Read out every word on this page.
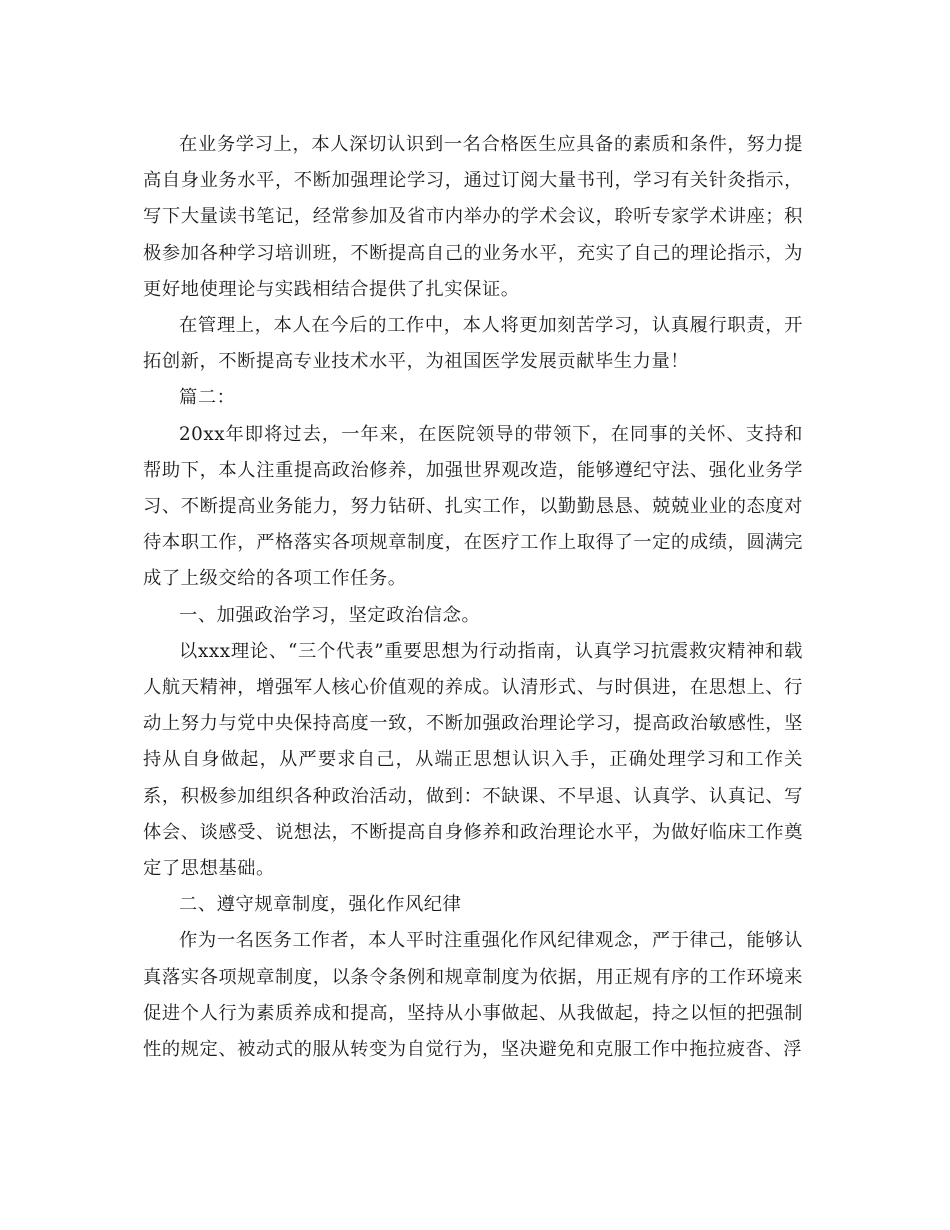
在业务学习上，本人深切认识到一名合格医生应具备的素质和条件，努力提高自身业务水平，不断加强理论学习，通过订阅大量书刊，学习有关针灸指示，写下大量读书笔记，经常参加及省市内举办的学术会议，聆听专家学术讲座；积极参加各种学习培训班，不断提高自己的业务水平，充实了自己的理论指示，为更好地使理论与实践相结合提供了扎实保证。

在管理上，本人在今后的工作中，本人将更加刻苦学习，认真履行职责，开拓创新，不断提高专业技术水平，为祖国医学发展贡献毕生力量！

篇二：

20xx年即将过去，一年来，在医院领导的带领下，在同事的关怀、支持和帮助下，本人注重提高政治修养，加强世界观改造，能够遵纪守法、强化业务学习、不断提高业务能力，努力钻研、扎实工作，以勤勤恳恳、兢兢业业的态度对待本职工作，严格落实各项规章制度，在医疗工作上取得了一定的成绩，圆满完成了上级交给的各项工作任务。

一、加强政治学习，坚定政治信念。

以xxx理论、“三个代表”重要思想为行动指南，认真学习抗震救灾精神和载人航天精神，增强军人核心价值观的养成。认清形式、与时俱进，在思想上、行动上努力与党中央保持高度一致，不断加强政治理论学习，提高政治敏感性，坚持从自身做起，从严要求自己，从端正思想认识入手，正确处理学习和工作关系，积极参加组织各种政治活动，做到：不缺课、不早退、认真学、认真记、写体会、谈感受、说想法，不断提高自身修养和政治理论水平，为做好临床工作奠定了思想基础。

二、遵守规章制度，强化作风纪律

作为一名医务工作者，本人平时注重强化作风纪律观念，严于律己，能够认真落实各项规章制度，以条令条例和规章制度为依据，用正规有序的工作环境来促进个人行为素质养成和提高，坚持从小事做起、从我做起，持之以恒的把强制性的规定、被动式的服从转变为自觉行为，坚决避免和克服工作中拖拉疲沓、浮
